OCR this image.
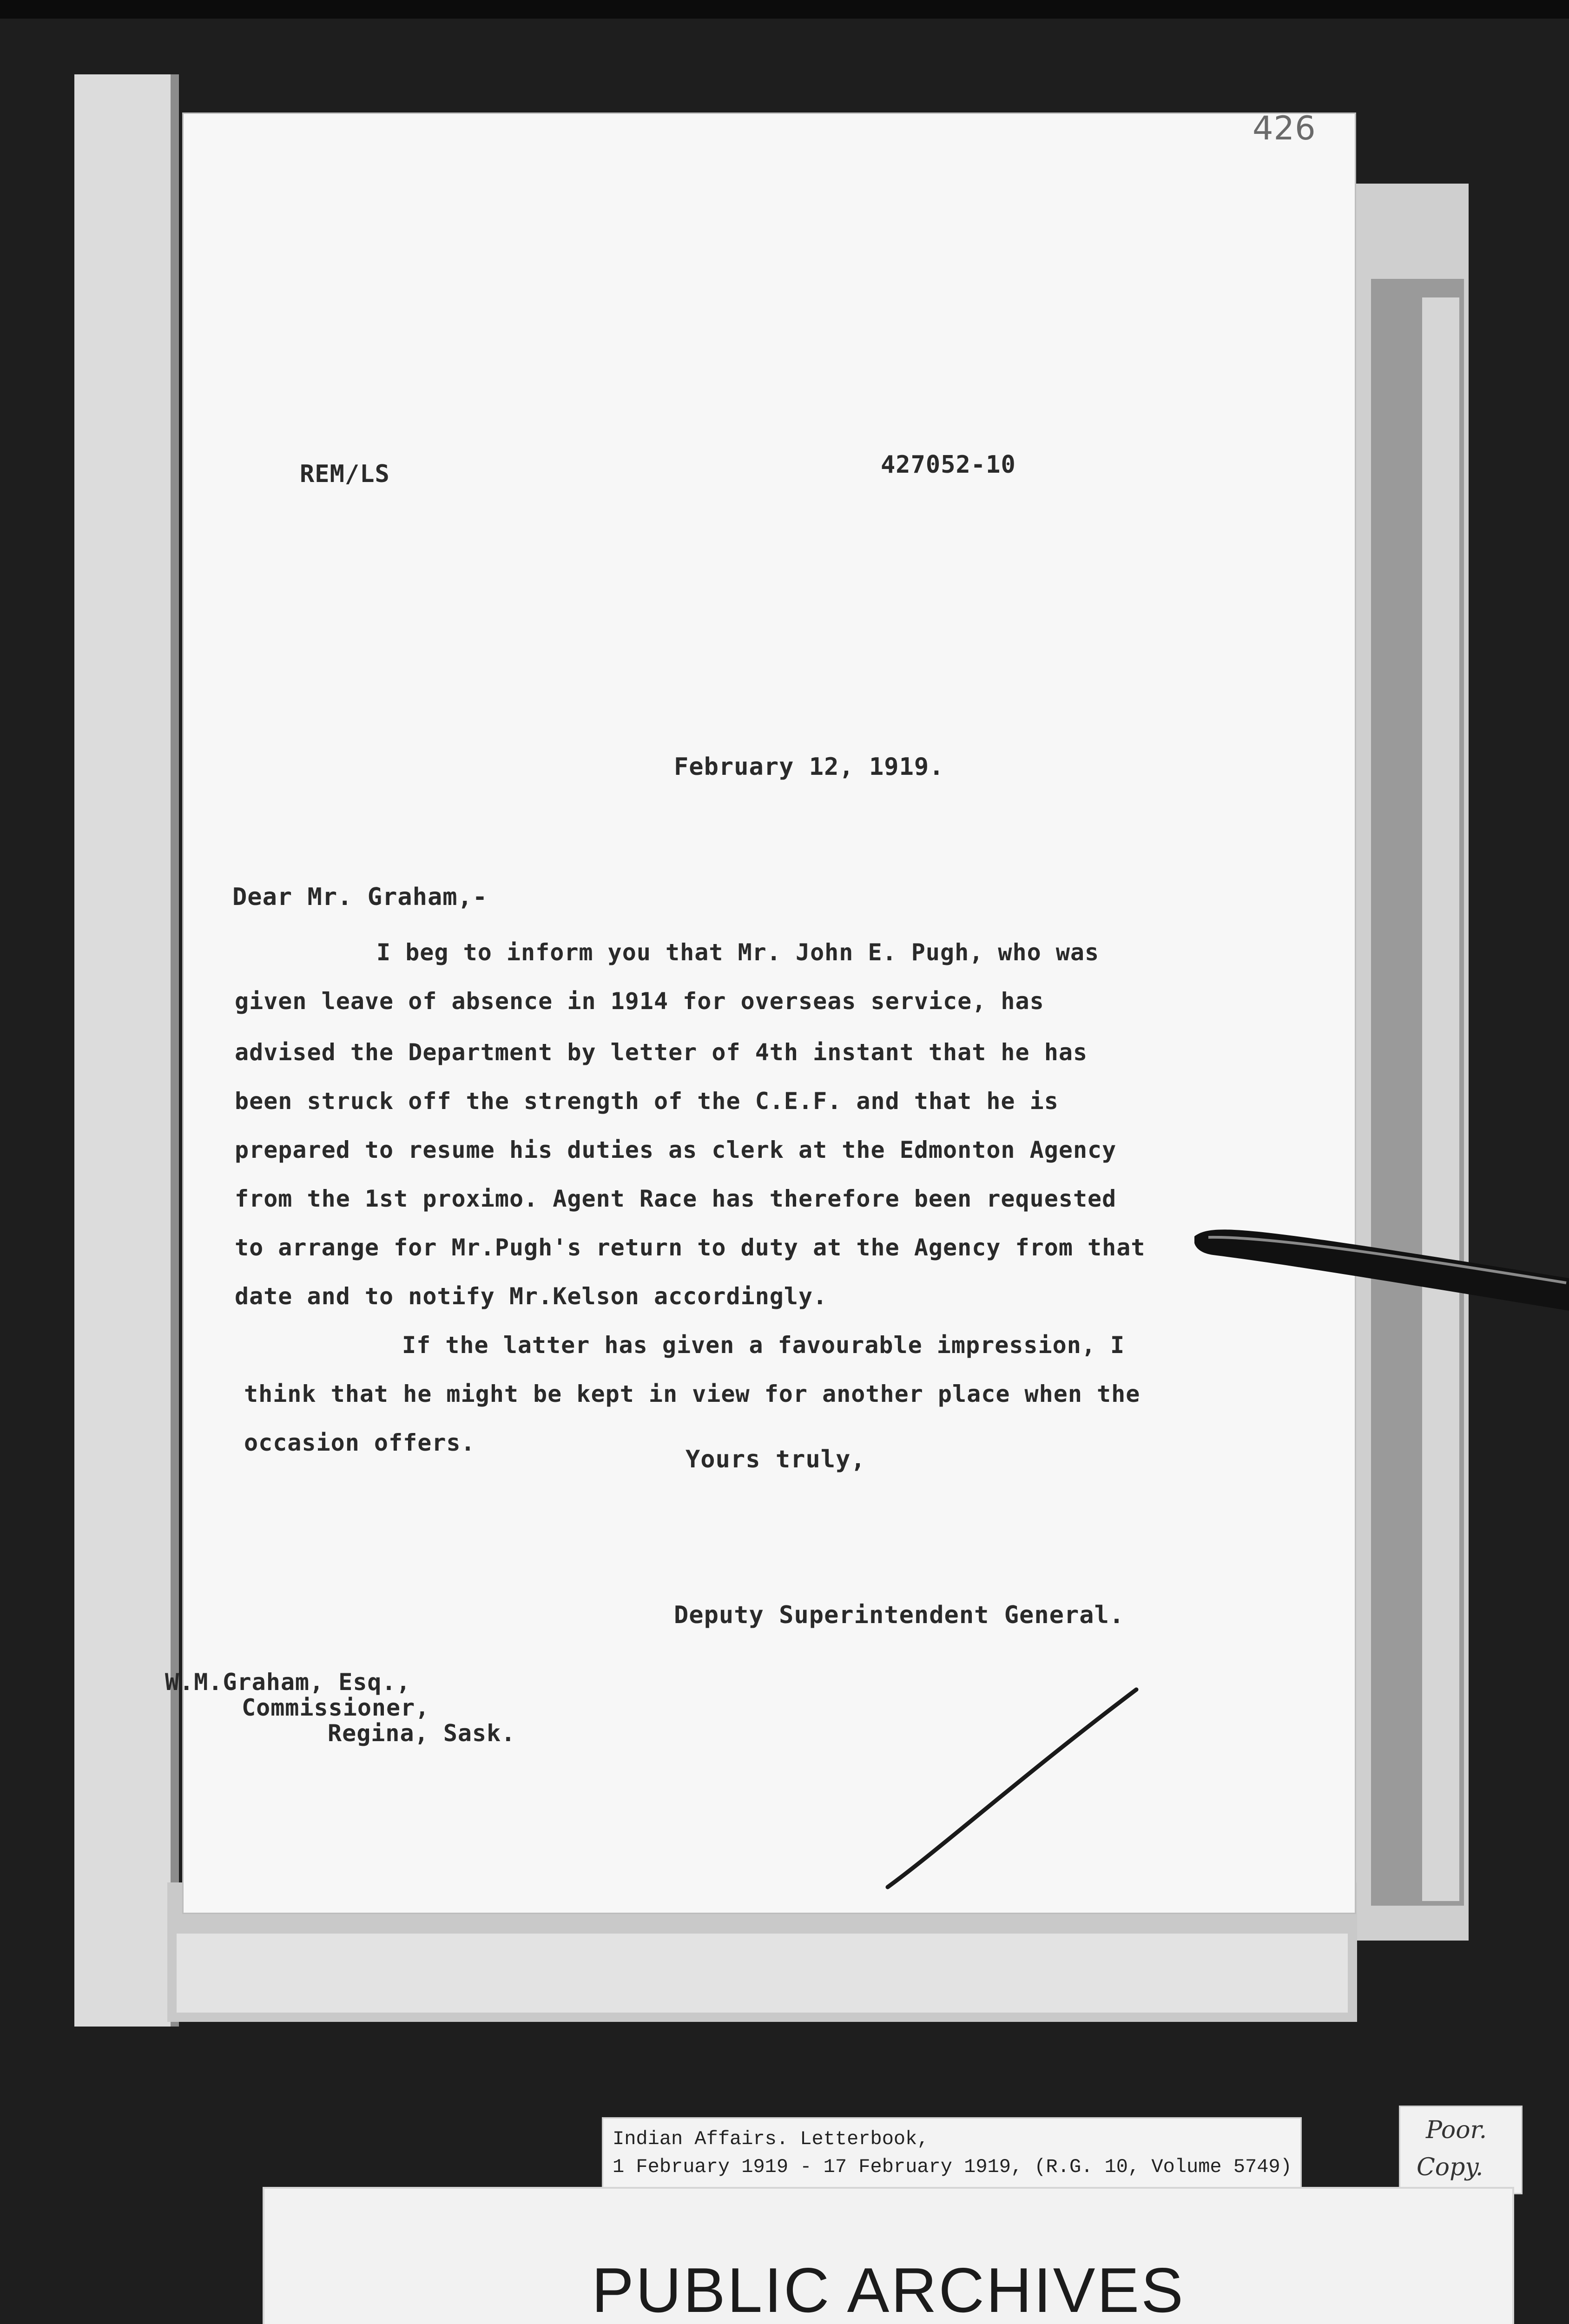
426
REM/LS	427052-10
February 12, 1919.
Dear Mr. Graham,-
I beg to inform you that Mr. John E. Pugh, who was
given leave of absence in 1914 for overseas service, has
advised the Department by letter of 4th instant that he has
been struck off the strength of the C.E.F. and that he is
prepared to resume his duties as clerk at the Edmonton Agency
from the 1st proximo. Agent Race has therefore been requested
to arrange for Mr.Pugh's return to duty at the Agency from that
date and to notify Mr.Kelson accordingly.
If the latter has given a favourable impression, I
think that he might be kept in view for another place when the
occasion offers.
Yours truly,
Deputy Superintendent General.
W.M.Graham, Esq.,
Commissioner,
Regina, Sask.
Indian Affairs. Letterbook,
1 February 1919 - 17 February 1919, (R.G. 10, Volume 5749)
Poor.
Copy.
PUBLIC ARCHIVES
